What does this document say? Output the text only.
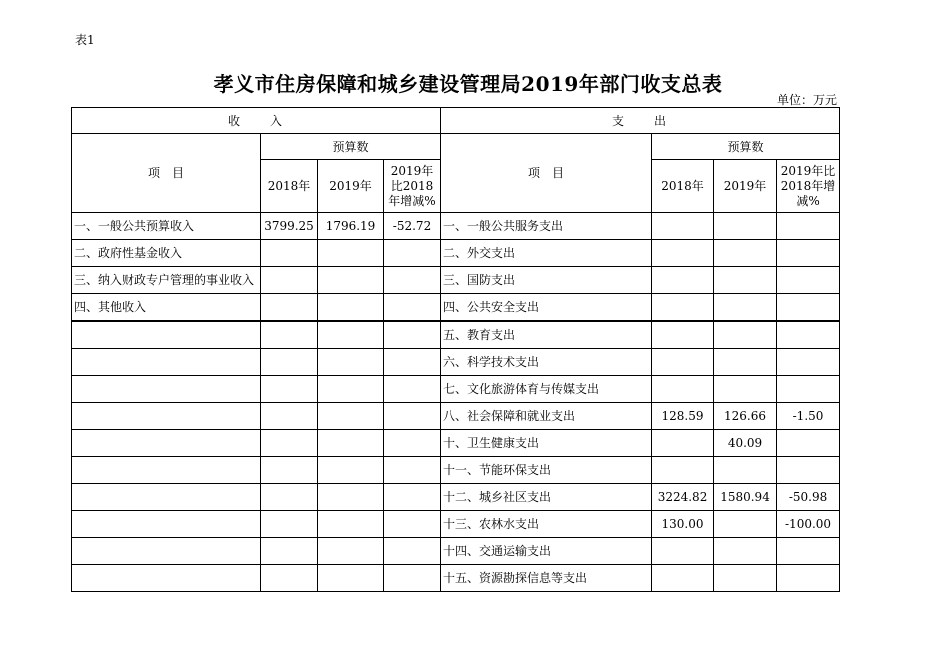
表1
孝义市住房保障和城乡建设管理局2019年部门收支总表
单位：万元
收　　入				支　　出			
项　目	预算数			项　目	预算数		
	2018年	2019年	2019年比2018年增减%		2018年	2019年	2019年比2018年增减%
一、一般公共预算收入	3799.25	1796.19	-52.72	一、一般公共服务支出			
二、政府性基金收入				二、外交支出			
三、纳入财政专户管理的事业收入				三、国防支出			
四、其他收入				四、公共安全支出			
				五、教育支出			
				六、科学技术支出			
				七、文化旅游体育与传媒支出			
				八、社会保障和就业支出	128.59	126.66	-1.50
				十、卫生健康支出		40.09	
				十一、节能环保支出			
				十二、城乡社区支出	3224.82	1580.94	-50.98
				十三、农林水支出	130.00		-100.00
				十四、交通运输支出			
				十五、资源勘探信息等支出			
